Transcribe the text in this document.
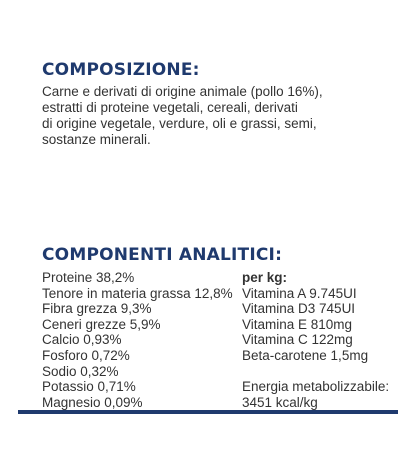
COMPOSIZIONE:

Carne e derivati di origine animale (pollo 16%),
estratti di proteine vegetali, cereali, derivati
di origine vegetale, verdure, oli e grassi, semi,
sostanze minerali.

COMPONENTI ANALITICI:
Proteine 38,2%
Tenore in materia grassa 12,8%
Fibra grezza 9,3%
Ceneri grezze 5,9%
Calcio 0,93%
Fosforo 0,72%
Sodio 0,32%
Potassio 0,71%
Magnesio 0,09%
per kg:
Vitamina A 9.745UI
Vitamina D3 745UI
Vitamina E 810mg
Vitamina C 122mg
Beta-carotene 1,5mg
Energia metabolizzabile:
3451 kcal/kg
